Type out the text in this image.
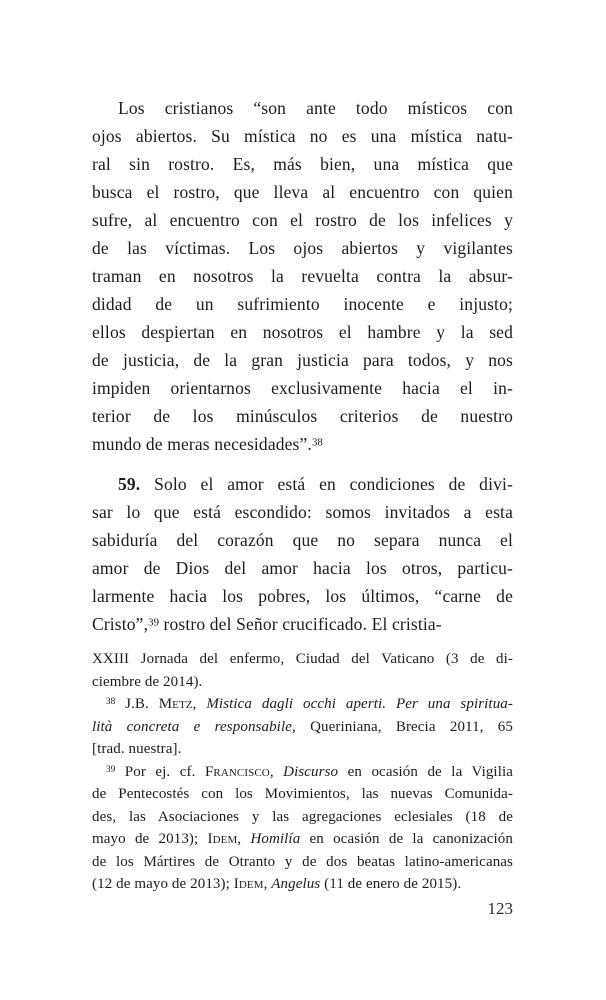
Los cristianos “son ante todo místicos con
ojos abiertos. Su mística no es una mística natu-
ral sin rostro. Es, más bien, una mística que
busca el rostro, que lleva al encuentro con quien
sufre, al encuentro con el rostro de los infelices y
de las víctimas. Los ojos abiertos y vigilantes
traman en nosotros la revuelta contra la absur-
didad de un sufrimiento inocente e injusto;
ellos despiertan en nosotros el hambre y la sed
de justicia, de la gran justicia para todos, y nos
impiden orientarnos exclusivamente hacia el in-
terior de los minúsculos criterios de nuestro
mundo de meras necesidades”.$^{38}$
59. Solo el amor está en condiciones de divi-
sar lo que está escondido: somos invitados a esta
sabiduría del corazón que no separa nunca el
amor de Dios del amor hacia los otros, particu-
larmente hacia los pobres, los últimos, “carne de
Cristo”,$^{39}$ rostro del Señor crucificado. El cristia-
XXIII Jornada del enfermo, Ciudad del Vaticano (3 de di-
ciembre de 2014).
$^{38}$ J.B. Metz, Mistica dagli occhi aperti. Per una spiritua-
lità concreta e responsabile, Queriniana, Brecia 2011, 65
[trad. nuestra].
$^{39}$ Por ej. cf. Francisco, Discurso en ocasión de la Vigilia
de Pentecostés con los Movimientos, las nuevas Comunida-
des, las Asociaciones y las agregaciones eclesiales (18 de
mayo de 2013); Idem, Homilía en ocasión de la canonización
de los Mártires de Otranto y de dos beatas latino-americanas
(12 de mayo de 2013); Idem, Angelus (11 de enero de 2015).
123
